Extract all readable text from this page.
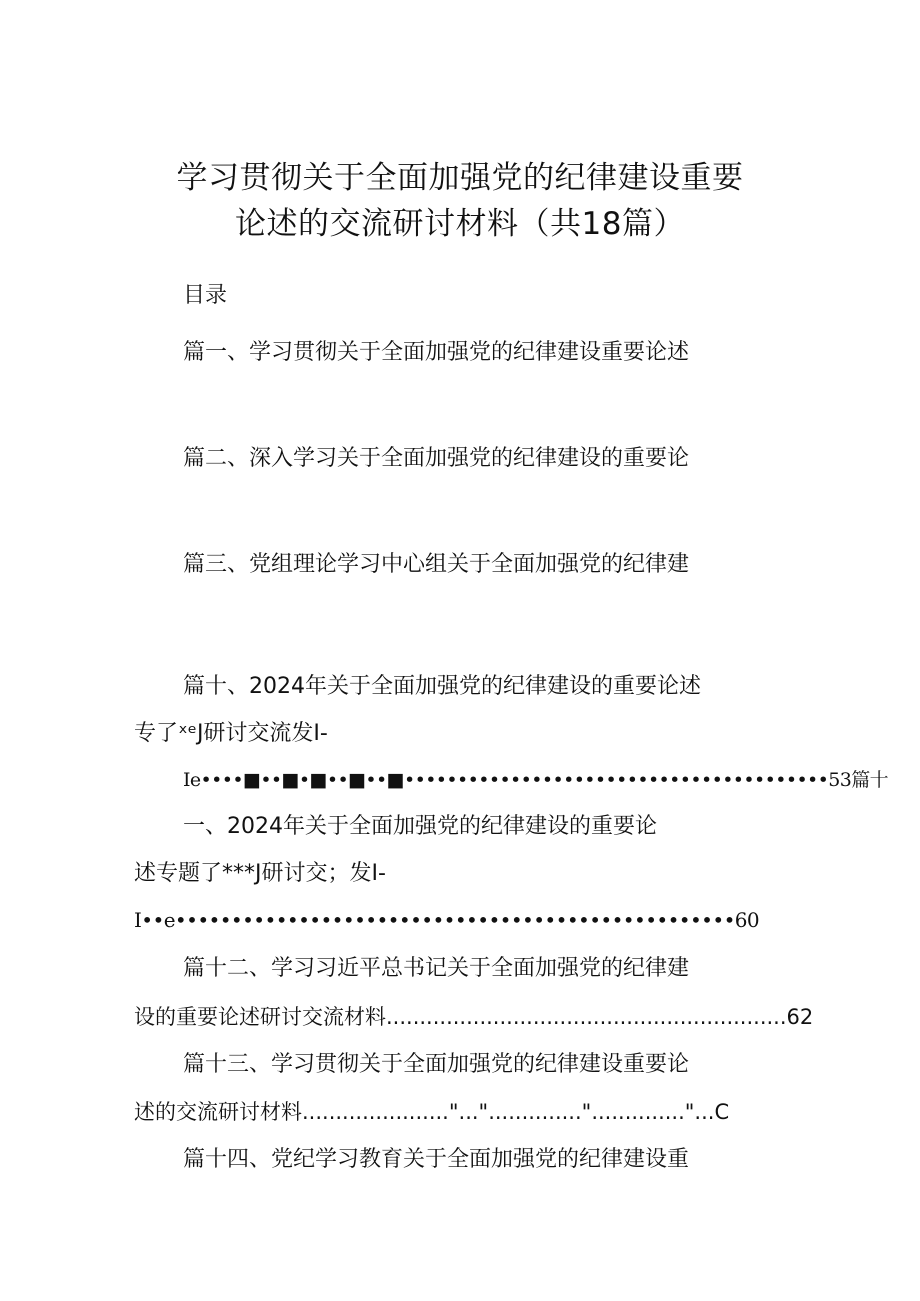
学习贯彻关于全面加强党的纪律建设重要
论述的交流研讨材料（共18篇）
目录
篇一、学习贯彻关于全面加强党的纪律建设重要论述
篇二、深入学习关于全面加强党的纪律建设的重要论
篇三、党组理论学习中心组关于全面加强党的纪律建
篇十、2024年关于全面加强党的纪律建设的重要论述
专了ˣᵉJ研讨交流发I-
Ie••••■••■•■••■••■••••••••••••••••••••••••••••••••••••••••53篇十
一、2024年关于全面加强党的纪律建设的重要论
述专题了***J研讨交；发I-
I••e••••••••••••••••••••••••••••••••••••••••••••••••••60
篇十二、学习习近平总书记关于全面加强党的纪律建
设的重要论述研讨交流材料............................................................62
篇十三、学习贯彻关于全面加强党的纪律建设重要论
述的交流研讨材料......................"..."..............".............."...C
篇十四、党纪学习教育关于全面加强党的纪律建设重
